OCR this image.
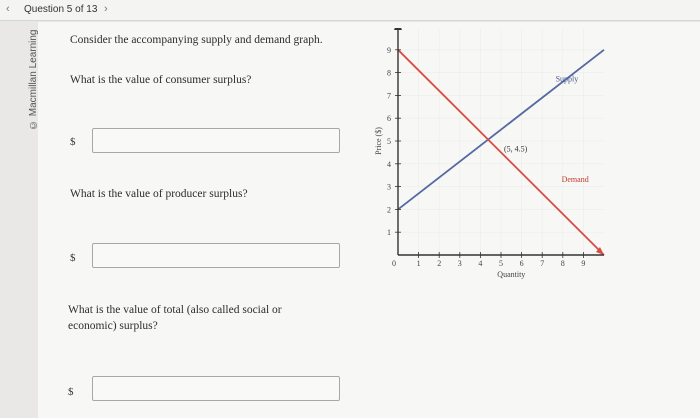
‹ Question 5 of 13 ›
© Macmillan Learning	Consider the accompanying supply and demand graph.
What is the value of consumer surplus?
$
What is the value of producer surplus?
$
What is the value of total (also called social or economic) surplus?
$
0	1 2 3 4 5 6 7 8 9
1
2
3
4
5
6
7
8
9
Quantity
Price ($)
Supply
Demand
(5, 4.5)
